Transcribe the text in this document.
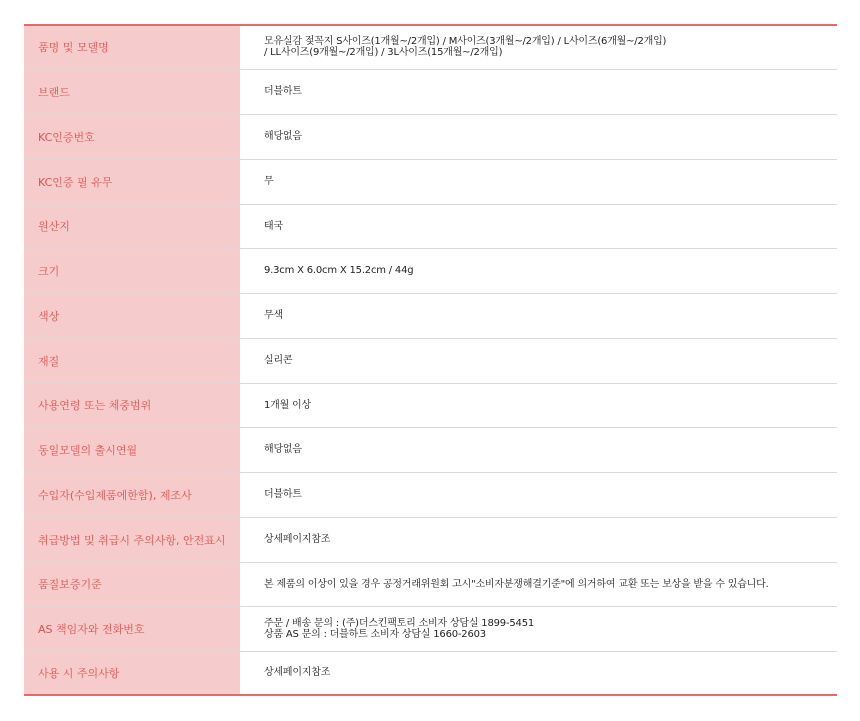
품명 및 모델명	모유실감 젖꼭지 S사이즈(1개월~/2개입) / M사이즈(3개월~/2개입) / L사이즈(6개월~/2개입)
/ LL사이즈(9개월~/2개입) / 3L사이즈(15개월~/2개입)

브랜드	더블하트
KC인증번호	해당없음
KC인증 필 유무	무
원산지	태국
크기	9.3cm X 6.0cm X 15.2cm / 44g
색상	무색
재질	실리콘
사용연령 또는 체중범위	1개월 이상
동일모델의 출시연월	해당없음
수입자(수입제품에한함), 제조사	더블하트
취급방법 및 취급시 주의사항, 안전표시	상세페이지참조
품질보증기준	본 제품의 이상이 있을 경우 공정거래위원회 고시"소비자분쟁해결기준"에 의거하여 교환 또는 보상을 받을 수 있습니다.
AS 책임자와 전화번호	주문 / 배송 문의 : (주)더스킨팩토리 소비자 상담실 1899-5451
상품 AS 문의 : 더블하트 소비자 상담실 1660-2603

사용 시 주의사항	상세페이지참조
